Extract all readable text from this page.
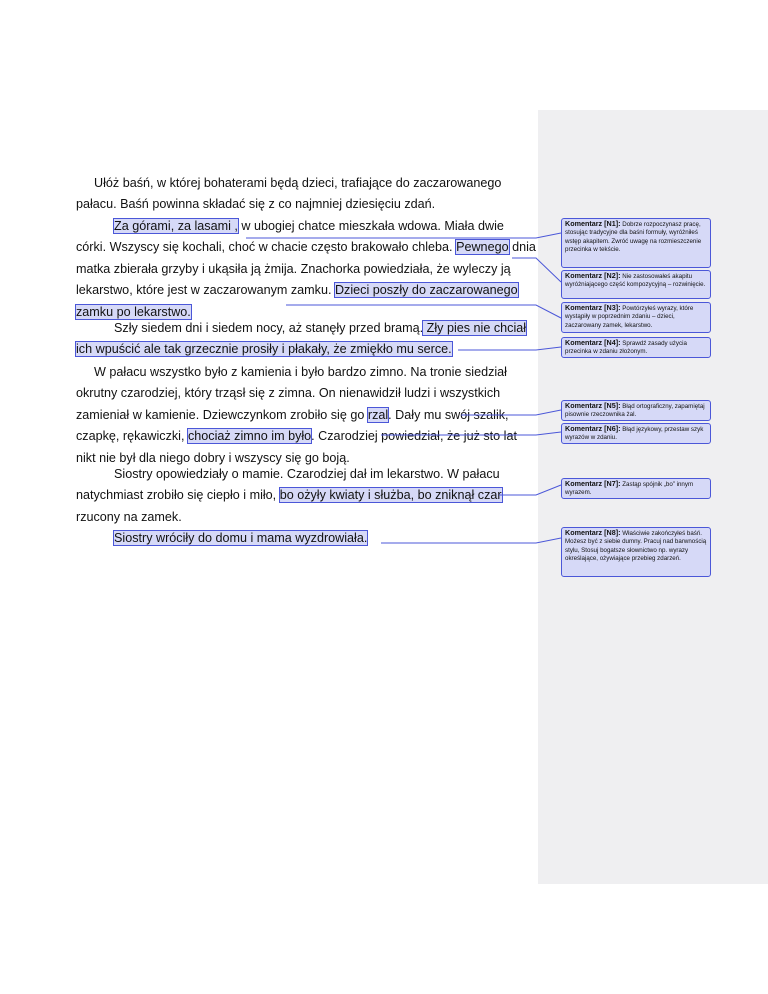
Ułóż baśń, w której bohaterami będą dzieci, trafiające do zaczarowanego pałacu. Baśń powinna składać się z co najmniej dziesięciu zdań.

Za górami, za lasami , w ubogiej chatce mieszkała wdowa. Miała dwie córki. Wszyscy się kochali, choć w chacie często brakowało chleba. Pewnego dnia matka zbierała grzyby i ukąsiła ją żmija. Znachorka powiedziała, że wyleczy ją lekarstwo, które jest w zaczarowanym zamku. Dzieci poszły do zaczarowanego zamku po lekarstwo.

Szły siedem dni i siedem nocy, aż stanęły przed bramą. Zły pies nie chciał ich wpuścić ale tak grzecznie prosiły i płakały, że zmiękło mu serce.

W pałacu wszystko było z kamienia i było bardzo zimno. Na tronie siedział okrutny czarodziej, który trząsł się z zimna. On nienawidził ludzi i wszystkich zamieniał w kamienie. Dziewczynkom zrobiło się go rzal. Dały mu swój szalik, czapkę, rękawiczki, chociaż zimno im było. Czarodziej powiedział, że już sto lat nikt nie był dla niego dobry i wszyscy się go boją.

Siostry opowiedziały o mamie. Czarodziej dał im lekarstwo. W pałacu natychmiast zrobiło się ciepło i miło, bo ożyły kwiaty i służba, bo zniknął czar rzucony na zamek.

Siostry wróciły do domu i mama wyzdrowiała.

Komentarz [N1]: Dobrze rozpoczynasz pracę, stosując tradycyjne dla baśni formuły, wyróżniłeś wstęp akapitem. Zwróć uwagę na rozmieszczenie przecinka w tekście.
Komentarz [N2]: Nie zastosowałeś akapitu wyróżniającego część kompozycyjną – rozwinięcie.
Komentarz [N3]: Powtórzyłeś wyrazy, które wystąpiły w poprzednim zdaniu – dzieci, zaczarowany zamek, lekarstwo.
Komentarz [N4]: Sprawdź zasady użycia przecinka w zdaniu złożonym.
Komentarz [N5]: Błąd ortograficzny, zapamiętaj pisownie rzeczownika żal.
Komentarz [N6]: Błąd językowy, przestaw szyk wyrazów w zdaniu.
Komentarz [N7]: Zastąp spójnik „bo” innym wyrazem.
Komentarz [N8]: Właściwie zakończyłeś baśń. Możesz być z siebie dumny. Pracuj nad barwnością stylu, Stosuj bogatsze słownictwo np. wyrazy określające, ożywiające przebieg zdarzeń.
